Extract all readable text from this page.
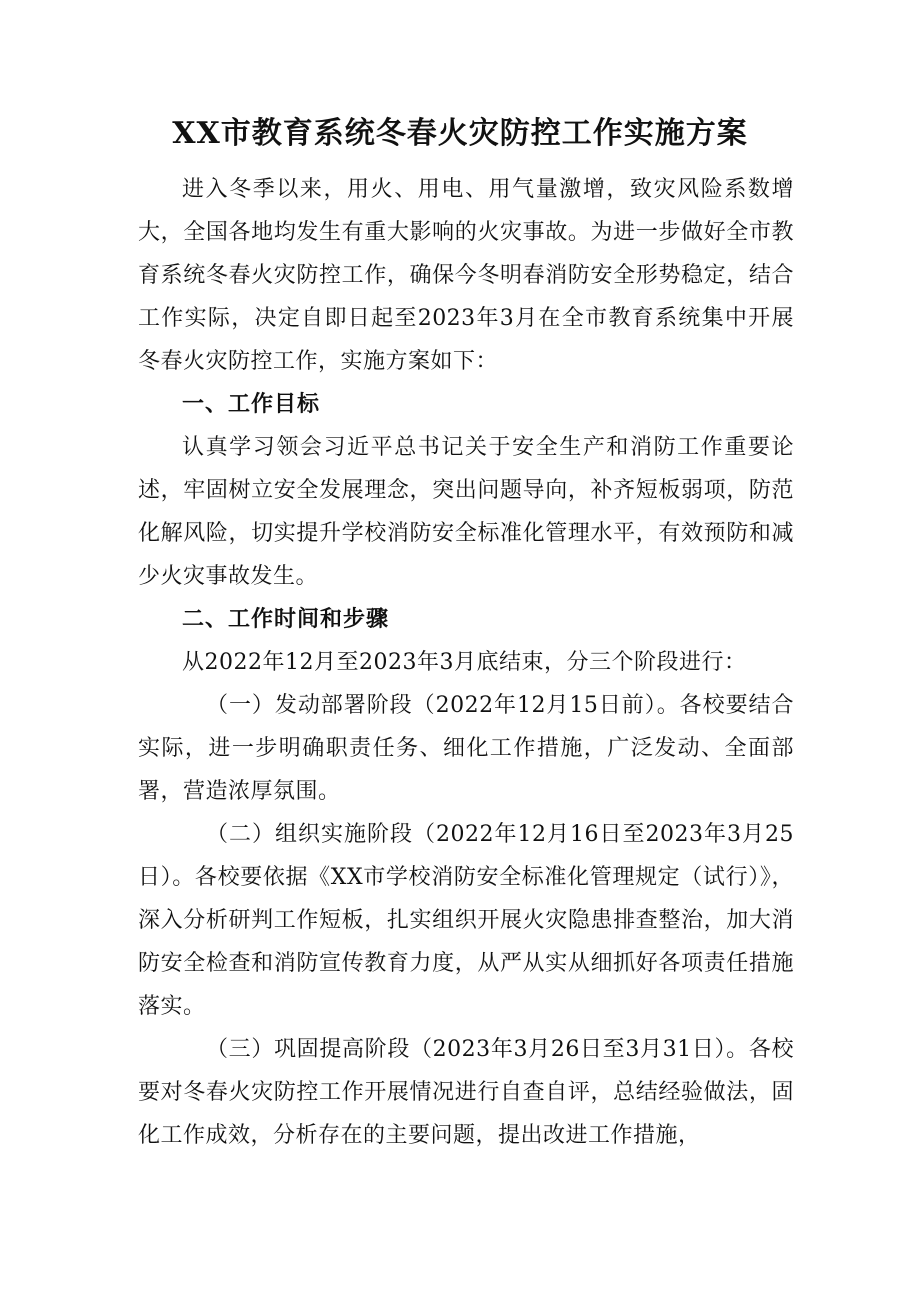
XX市教育系统冬春火灾防控工作实施方案

进入冬季以来，用火、用电、用气量激增，致灾风险系数增大，全国各地均发生有重大影响的火灾事故。为进一步做好全市教育系统冬春火灾防控工作，确保今冬明春消防安全形势稳定，结合工作实际，决定自即日起至2023年3月在全市教育系统集中开展冬春火灾防控工作，实施方案如下：

一、工作目标

认真学习领会习近平总书记关于安全生产和消防工作重要论述，牢固树立安全发展理念，突出问题导向，补齐短板弱项，防范化解风险，切实提升学校消防安全标准化管理水平，有效预防和减少火灾事故发生。

二、工作时间和步骤

从2022年12月至2023年3月底结束，分三个阶段进行：

（一）发动部署阶段（2022年12月15日前）。各校要结合实际，进一步明确职责任务、细化工作措施，广泛发动、全面部署，营造浓厚氛围。

（二）组织实施阶段（2022年12月16日至2023年3月25日）。各校要依据《XX市学校消防安全标准化管理规定（试行）》，深入分析研判工作短板，扎实组织开展火灾隐患排查整治，加大消防安全检查和消防宣传教育力度，从严从实从细抓好各项责任措施落实。

（三）巩固提高阶段（2023年3月26日至3月31日）。各校要对冬春火灾防控工作开展情况进行自查自评，总结经验做法，固化工作成效，分析存在的主要问题，提出改进工作措施，
